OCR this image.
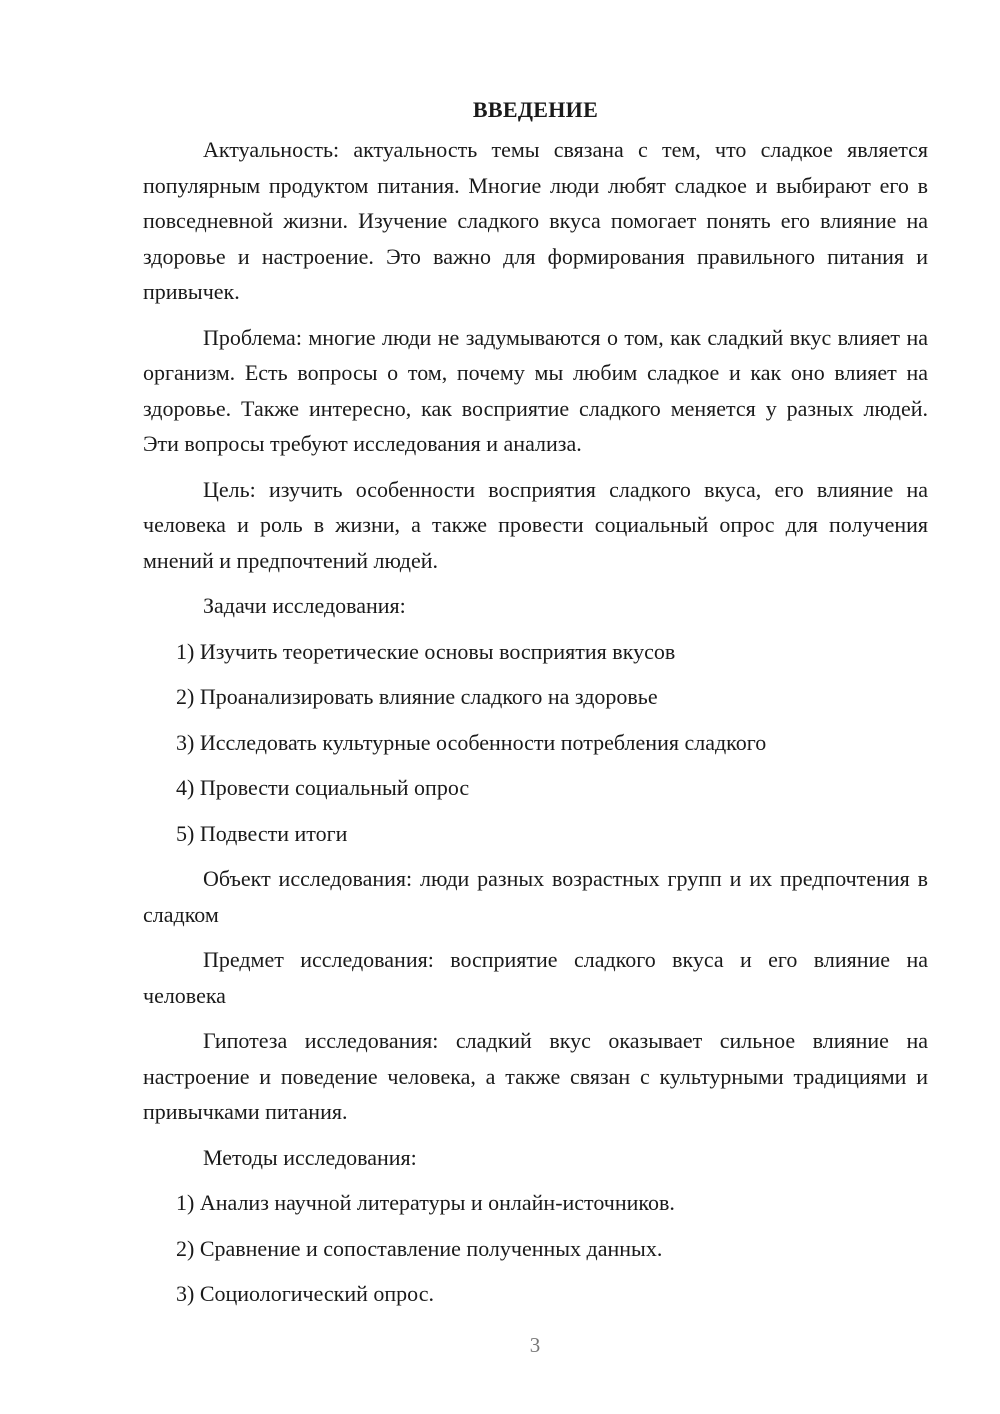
ВВЕДЕНИЕ

Актуальность: актуальность темы связана с тем, что сладкое является популярным продуктом питания. Многие люди любят сладкое и выбирают его в повседневной жизни. Изучение сладкого вкуса помогает понять его влияние на здоровье и настроение. Это важно для формирования правильного питания и привычек.

Проблема: многие люди не задумываются о том, как сладкий вкус влияет на организм. Есть вопросы о том, почему мы любим сладкое и как оно влияет на здоровье. Также интересно, как восприятие сладкого меняется у разных людей. Эти вопросы требуют исследования и анализа.

Цель: изучить особенности восприятия сладкого вкуса, его влияние на человека и роль в жизни, а также провести социальный опрос для получения мнений и предпочтений людей.

Задачи исследования:

1) Изучить теоретические основы восприятия вкусов
2) Проанализировать влияние сладкого на здоровье
3) Исследовать культурные особенности потребления сладкого
4) Провести социальный опрос
5) Подвести итоги

Объект исследования: люди разных возрастных групп и их предпочтения в сладком

Предмет исследования: восприятие сладкого вкуса и его влияние на человека

Гипотеза исследования: сладкий вкус оказывает сильное влияние на настроение и поведение человека, а также связан с культурными традициями и привычками питания.

Методы исследования:

1) Анализ научной литературы и онлайн-источников.
2) Сравнение и сопоставление полученных данных.
3) Социологический опрос.
3
